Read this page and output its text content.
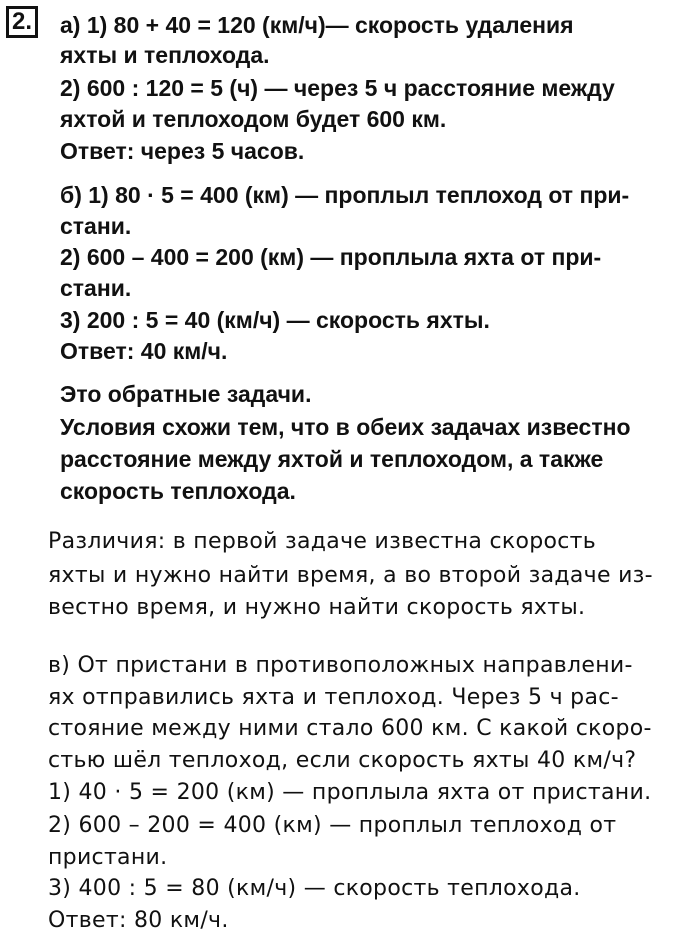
2. а) 1) 80 + 40 = 120 (км/ч)— скорость удаления
яхты и теплохода.
2) 600 : 120 = 5 (ч) — через 5 ч расстояние между
яхтой и теплоходом будет 600 км.
Ответ: через 5 часов.
б) 1) 80 · 5 = 400 (км) — проплыл теплоход от при-
стани.
2) 600 – 400 = 200 (км) — проплыла яхта от при-
стани.
3) 200 : 5 = 40 (км/ч) — скорость яхты.
Ответ: 40 км/ч.
Это обратные задачи.
Условия схожи тем, что в обеих задачах известно
расстояние между яхтой и теплоходом, а также
скорость теплохода.
Различия: в первой задаче известна скорость
яхты и нужно найти время, а во второй задаче из-
вестно время, и нужно найти скорость яхты.
в) От пристани в противоположных направлени-
ях отправились яхта и теплоход. Через 5 ч рас-
стояние между ними стало 600 км. С какой скоро-
стью шёл теплоход, если скорость яхты 40 км/ч?
1) 40 · 5 = 200 (км) — проплыла яхта от пристани.
2) 600 – 200 = 400 (км) — проплыл теплоход от
пристани.
3) 400 : 5 = 80 (км/ч) — скорость теплохода.
Ответ: 80 км/ч.
